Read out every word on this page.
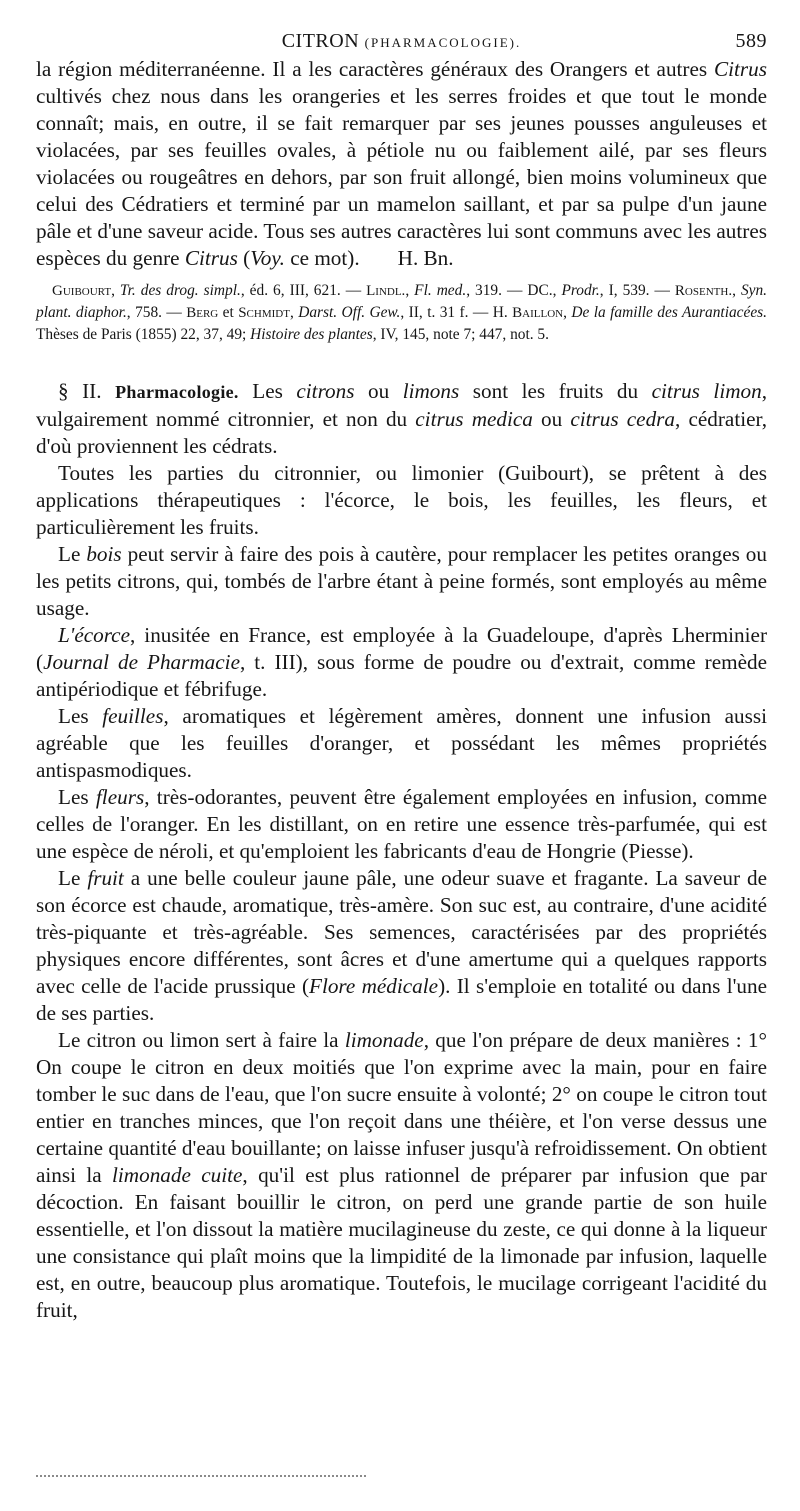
CITRON (PHARMACOLOGIE).	589

la région méditerranéenne. Il a les caractères généraux des Orangers et autres Citrus cultivés chez nous dans les orangeries et les serres froides et que tout le monde connaît; mais, en outre, il se fait remarquer par ses jeunes pousses anguleuses et violacées, par ses feuilles ovales, à pétiole nu ou faiblement ailé, par ses fleurs violacées ou rougeâtres en dehors, par son fruit allongé, bien moins volumineux que celui des Cédratiers et terminé par un mamelon saillant, et par sa pulpe d'un jaune pâle et d'une saveur acide. Tous ses autres caractères lui sont communs avec les autres espèces du genre Citrus (Voy. ce mot). H. Bn.

Guibourt, Tr. des drog. simpl., éd. 6, III, 621. — Lindl., Fl. med., 319. — DC., Prodr., I, 539. — Rosenth., Syn. plant. diaphor., 758. — Berg et Schmidt, Darst. Off. Gew., II, t. 31 f. — H. Baillon, De la famille des Aurantiacées. Thèses de Paris (1855) 22, 37, 49; Histoire des plantes, IV, 145, note 7; 447, not. 5.

§ II. Pharmacologie. Les citrons ou limons sont les fruits du citrus limon, vulgairement nommé citronnier, et non du citrus medica ou citrus cedra, cédratier, d'où proviennent les cédrats.

Toutes les parties du citronnier, ou limonier (Guibourt), se prêtent à des applications thérapeutiques : l'écorce, le bois, les feuilles, les fleurs, et particulièrement les fruits.

Le bois peut servir à faire des pois à cautère, pour remplacer les petites oranges ou les petits citrons, qui, tombés de l'arbre étant à peine formés, sont employés au même usage.

L'écorce, inusitée en France, est employée à la Guadeloupe, d'après Lherminier (Journal de Pharmacie, t. III), sous forme de poudre ou d'extrait, comme remède antipériodique et fébrifuge.

Les feuilles, aromatiques et légèrement amères, donnent une infusion aussi agréable que les feuilles d'oranger, et possédant les mêmes propriétés antispasmodiques.

Les fleurs, très-odorantes, peuvent être également employées en infusion, comme celles de l'oranger. En les distillant, on en retire une essence très-parfumée, qui est une espèce de néroli, et qu'emploient les fabricants d'eau de Hongrie (Piesse).

Le fruit a une belle couleur jaune pâle, une odeur suave et fragante. La saveur de son écorce est chaude, aromatique, très-amère. Son suc est, au contraire, d'une acidité très-piquante et très-agréable. Ses semences, caractérisées par des propriétés physiques encore différentes, sont âcres et d'une amertume qui a quelques rapports avec celle de l'acide prussique (Flore médicale). Il s'emploie en totalité ou dans l'une de ses parties.

Le citron ou limon sert à faire la limonade, que l'on prépare de deux manières : 1° On coupe le citron en deux moitiés que l'on exprime avec la main, pour en faire tomber le suc dans de l'eau, que l'on sucre ensuite à volonté; 2° on coupe le citron tout entier en tranches minces, que l'on reçoit dans une théière, et l'on verse dessus une certaine quantité d'eau bouillante; on laisse infuser jusqu'à refroidissement. On obtient ainsi la limonade cuite, qu'il est plus rationnel de préparer par infusion que par décoction. En faisant bouillir le citron, on perd une grande partie de son huile essentielle, et l'on dissout la matière mucilagineuse du zeste, ce qui donne à la liqueur une consistance qui plaît moins que la limpidité de la limonade par infusion, laquelle est, en outre, beaucoup plus aromatique. Toutefois, le mucilage corrigeant l'acidité du fruit,
